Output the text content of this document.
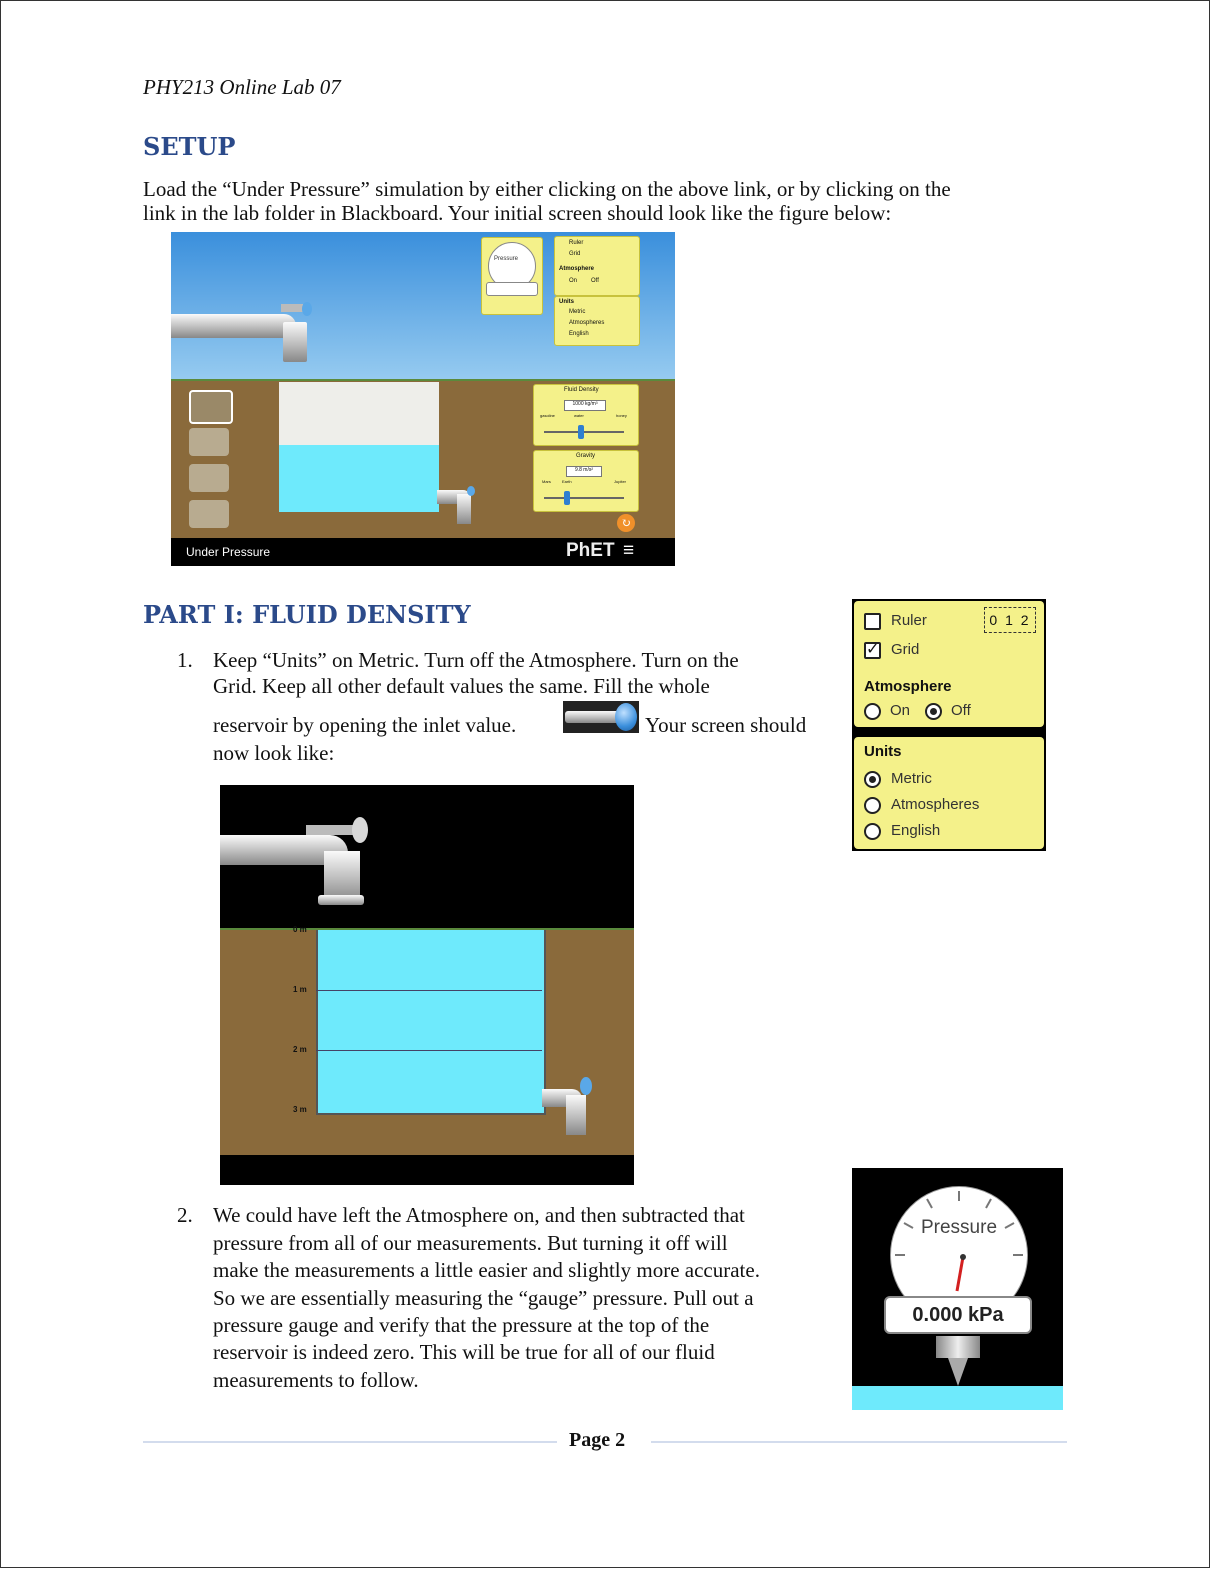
PHY213 Online Lab 07
SETUP
Load the “Under Pressure” simulation by either clicking on the above link, or by clicking on the
link in the lab folder in Blackboard. Your initial screen should look like the figure below:
Pressure
Ruler
Grid
Atmosphere
On Off
Units
Metric
Atmospheres
English
Fluid Density
1000 kg/m³
gasoline	water	honey
Gravity
9.8 m/s²
Mars	Earth	Jupiter
↻
Under Pressure	PhET ≡
PART I: FLUID DENSITY
1. Keep “Units” on Metric. Turn off the Atmosphere. Turn on the
Grid. Keep all other default values the same. Fill the whole
reservoir by opening the inlet value.	Your screen should
now look like:
Ruler	0 1 2
✓ Grid
Atmosphere
On	Off
Units
Metric
Atmospheres
English
0 m
1 m
2 m
3 m
2. We could have left the Atmosphere on, and then subtracted that
pressure from all of our measurements. But turning it off will
make the measurements a little easier and slightly more accurate.
So we are essentially measuring the “gauge” pressure. Pull out a
pressure gauge and verify that the pressure at the top of the
reservoir is indeed zero. This will be true for all of our fluid
measurements to follow.
Pressure
0.000 kPa
Page 2
